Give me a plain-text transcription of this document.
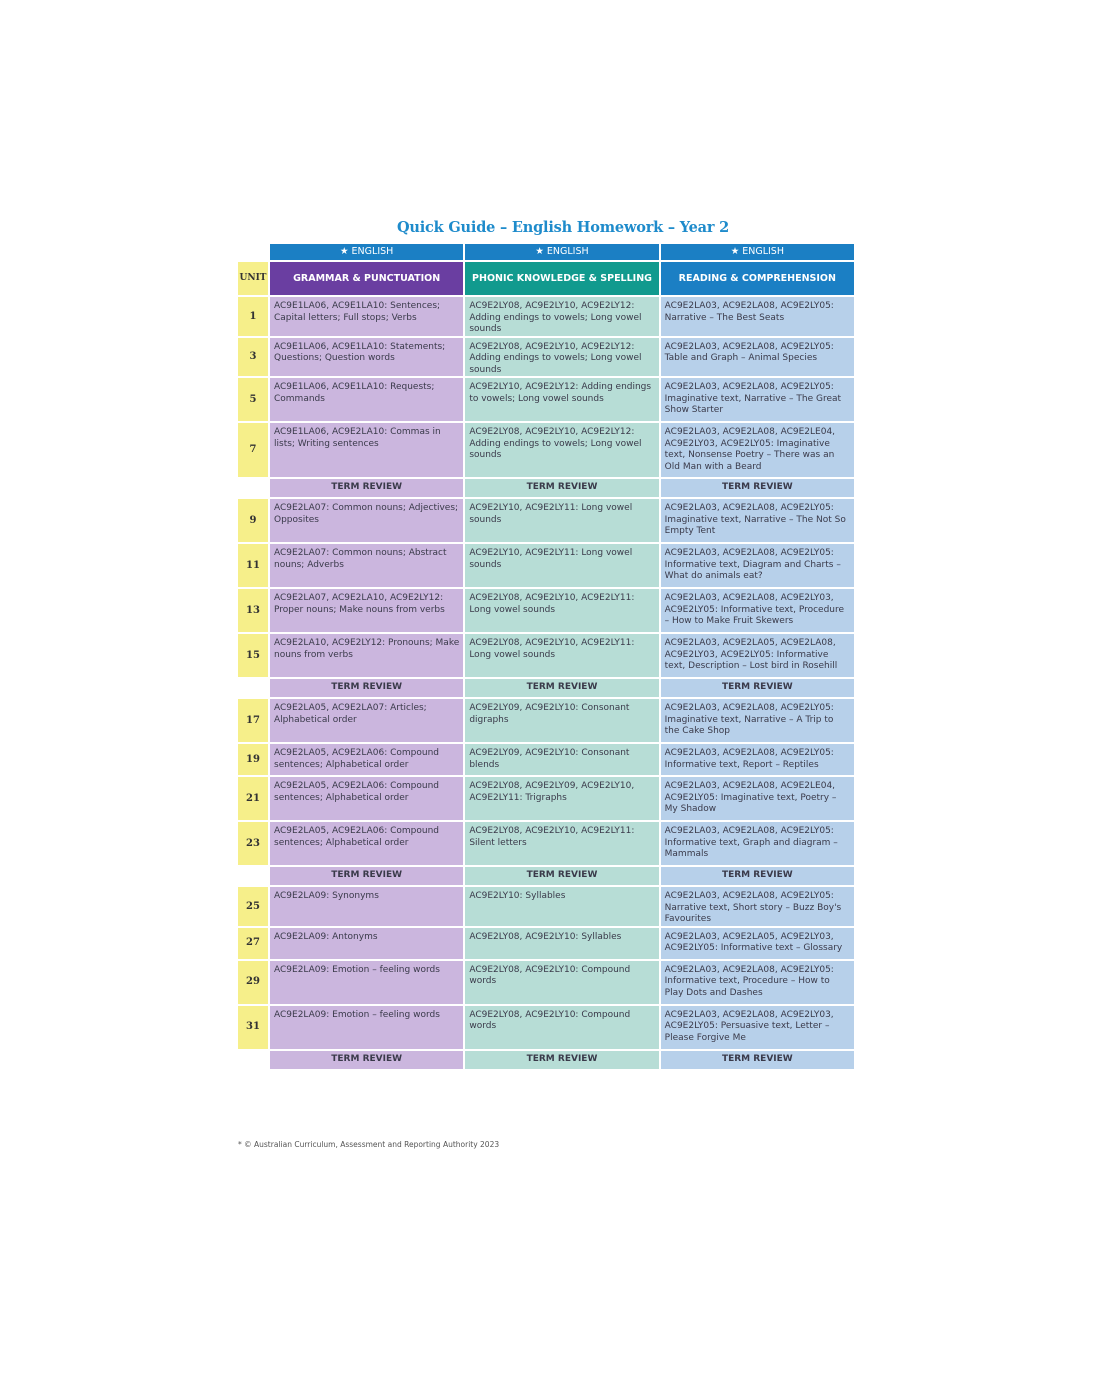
Quick Guide – English Homework – Year 2
	★ ENGLISH	★ ENGLISH	★ ENGLISH
UNIT	GRAMMAR & PUNCTUATION	PHONIC KNOWLEDGE & SPELLING	READING & COMPREHENSION
1	AC9E1LA06, AC9E1LA10: Sentences; Capital letters; Full stops; Verbs	AC9E2LY08, AC9E2LY10, AC9E2LY12: Adding endings to vowels; Long vowel sounds	AC9E2LA03, AC9E2LA08, AC9E2LY05: Narrative – The Best Seats
3	AC9E1LA06, AC9E1LA10: Statements; Questions; Question words	AC9E2LY08, AC9E2LY10, AC9E2LY12: Adding endings to vowels; Long vowel sounds	AC9E2LA03, AC9E2LA08, AC9E2LY05: Table and Graph – Animal Species
5	AC9E1LA06, AC9E1LA10: Requests; Commands	AC9E2LY10, AC9E2LY12: Adding endings to vowels; Long vowel sounds	AC9E2LA03, AC9E2LA08, AC9E2LY05: Imaginative text, Narrative – The Great Show Starter
7	AC9E1LA06, AC9E2LA10: Commas in lists; Writing sentences	AC9E2LY08, AC9E2LY10, AC9E2LY12: Adding endings to vowels; Long vowel sounds	AC9E2LA03, AC9E2LA08, AC9E2LE04, AC9E2LY03, AC9E2LY05: Imaginative text, Nonsense Poetry – There was an Old Man with a Beard
	TERM REVIEW	TERM REVIEW	TERM REVIEW
9	AC9E2LA07: Common nouns; Adjectives; Opposites	AC9E2LY10, AC9E2LY11: Long vowel sounds	AC9E2LA03, AC9E2LA08, AC9E2LY05: Imaginative text, Narrative – The Not So Empty Tent
11	AC9E2LA07: Common nouns; Abstract nouns; Adverbs	AC9E2LY10, AC9E2LY11: Long vowel sounds	AC9E2LA03, AC9E2LA08, AC9E2LY05: Informative text, Diagram and Charts – What do animals eat?
13	AC9E2LA07, AC9E2LA10, AC9E2LY12: Proper nouns; Make nouns from verbs	AC9E2LY08, AC9E2LY10, AC9E2LY11: Long vowel sounds	AC9E2LA03, AC9E2LA08, AC9E2LY03, AC9E2LY05: Informative text, Procedure – How to Make Fruit Skewers
15	AC9E2LA10, AC9E2LY12: Pronouns; Make nouns from verbs	AC9E2LY08, AC9E2LY10, AC9E2LY11: Long vowel sounds	AC9E2LA03, AC9E2LA05, AC9E2LA08, AC9E2LY03, AC9E2LY05: Informative text, Description – Lost bird in Rosehill
	TERM REVIEW	TERM REVIEW	TERM REVIEW
17	AC9E2LA05, AC9E2LA07: Articles; Alphabetical order	AC9E2LY09, AC9E2LY10: Consonant digraphs	AC9E2LA03, AC9E2LA08, AC9E2LY05: Imaginative text, Narrative – A Trip to the Cake Shop
19	AC9E2LA05, AC9E2LA06: Compound sentences; Alphabetical order	AC9E2LY09, AC9E2LY10: Consonant blends	AC9E2LA03, AC9E2LA08, AC9E2LY05: Informative text, Report – Reptiles
21	AC9E2LA05, AC9E2LA06: Compound sentences; Alphabetical order	AC9E2LY08, AC9E2LY09, AC9E2LY10, AC9E2LY11: Trigraphs	AC9E2LA03, AC9E2LA08, AC9E2LE04, AC9E2LY05: Imaginative text, Poetry – My Shadow
23	AC9E2LA05, AC9E2LA06: Compound sentences; Alphabetical order	AC9E2LY08, AC9E2LY10, AC9E2LY11: Silent letters	AC9E2LA03, AC9E2LA08, AC9E2LY05: Informative text, Graph and diagram – Mammals
	TERM REVIEW	TERM REVIEW	TERM REVIEW
25	AC9E2LA09: Synonyms	AC9E2LY10: Syllables	AC9E2LA03, AC9E2LA08, AC9E2LY05: Narrative text, Short story – Buzz Boy's Favourites
27	AC9E2LA09: Antonyms	AC9E2LY08, AC9E2LY10: Syllables	AC9E2LA03, AC9E2LA05, AC9E2LY03, AC9E2LY05: Informative text – Glossary
29	AC9E2LA09: Emotion – feeling words	AC9E2LY08, AC9E2LY10: Compound words	AC9E2LA03, AC9E2LA08, AC9E2LY05: Informative text, Procedure – How to Play Dots and Dashes
31	AC9E2LA09: Emotion – feeling words	AC9E2LY08, AC9E2LY10: Compound words	AC9E2LA03, AC9E2LA08, AC9E2LY03, AC9E2LY05: Persuasive text, Letter – Please Forgive Me
	TERM REVIEW	TERM REVIEW	TERM REVIEW
* © Australian Curriculum, Assessment and Reporting Authority 2023
